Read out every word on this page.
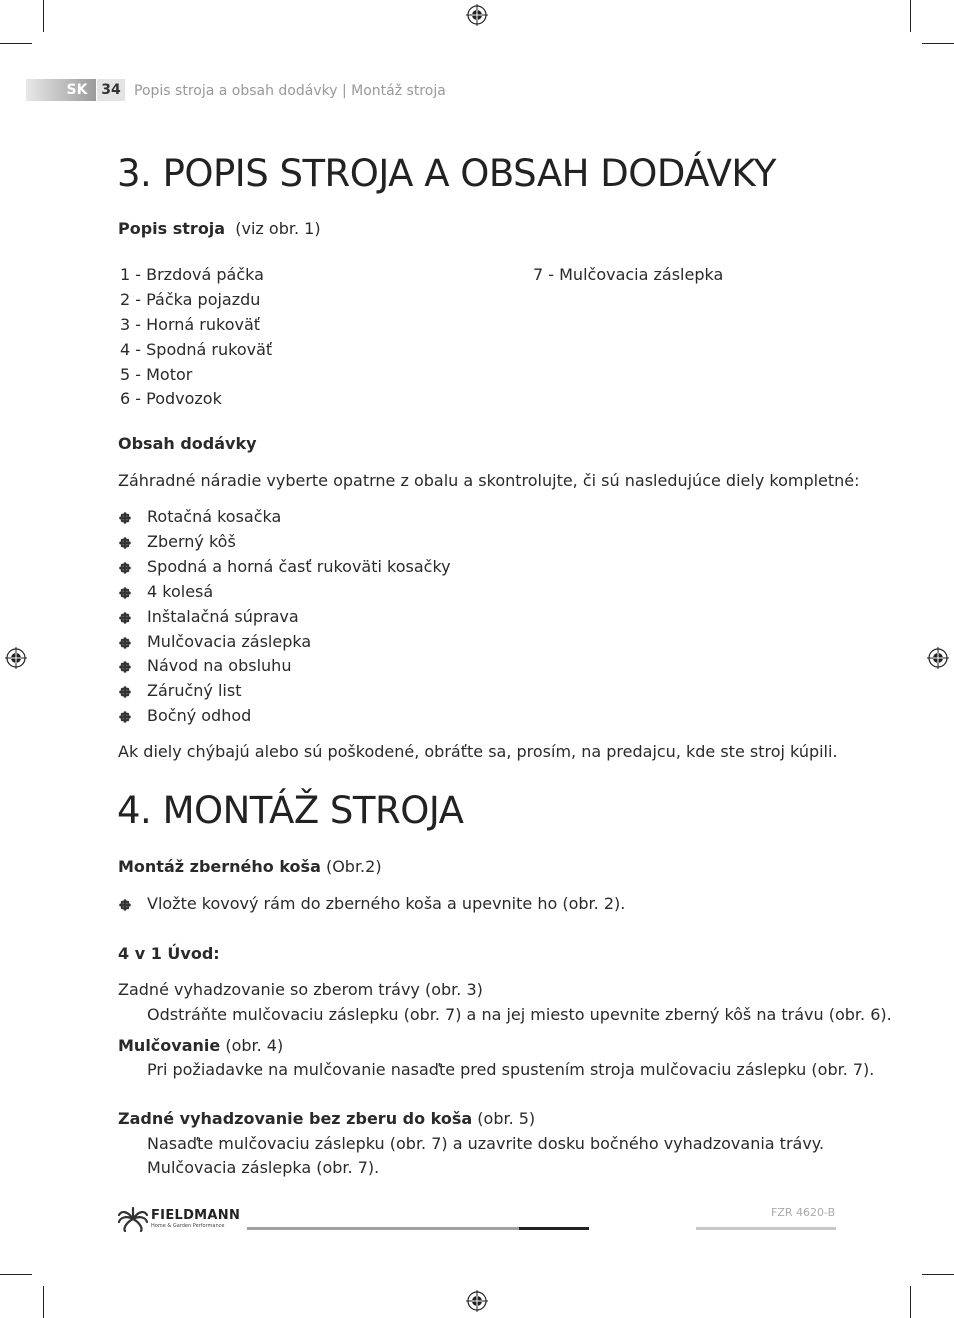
SK 34 Popis stroja a obsah dodávky | Montáž stroja
3. POPIS STROJA A OBSAH DODÁVKY
Popis stroja (viz obr. 1)
1 - Brzdová páčka
2 - Páčka pojazdu
3 - Horná rukoväť
4 - Spodná rukoväť
5 - Motor
6 - Podvozok
7 - Mulčovacia záslepka
Obsah dodávky
Záhradné náradie vyberte opatrne z obalu a skontrolujte, či sú nasledujúce diely kompletné:
Rotačná kosačka
Zberný kôš
Spodná a horná časť rukoväti kosačky
4 kolesá
Inštalačná súprava
Mulčovacia záslepka
Návod na obsluhu
Záručný list
Bočný odhod
Ak diely chýbajú alebo sú poškodené, obráťte sa, prosím, na predajcu, kde ste stroj kúpili.
4. MONTÁŽ STROJA
Montáž zberného koša (Obr.2)
Vložte kovový rám do zberného koša a upevnite ho (obr. 2).
4 v 1 Úvod:
Zadné vyhadzovanie so zberom trávy (obr. 3)
Odstráňte mulčovaciu záslepku (obr. 7) a na jej miesto upevnite zberný kôš na trávu (obr. 6).
Mulčovanie (obr. 4)
Pri požiadavke na mulčovanie nasaďte pred spustením stroja mulčovaciu záslepku (obr. 7).
Zadné vyhadzovanie bez zberu do koša (obr. 5)
Nasaďte mulčovaciu záslepku (obr. 7) a uzavrite dosku bočného vyhadzovania trávy.
Mulčovacia záslepka (obr. 7).
FIELDMANN
Home & Garden Performance
FZR 4620-B
